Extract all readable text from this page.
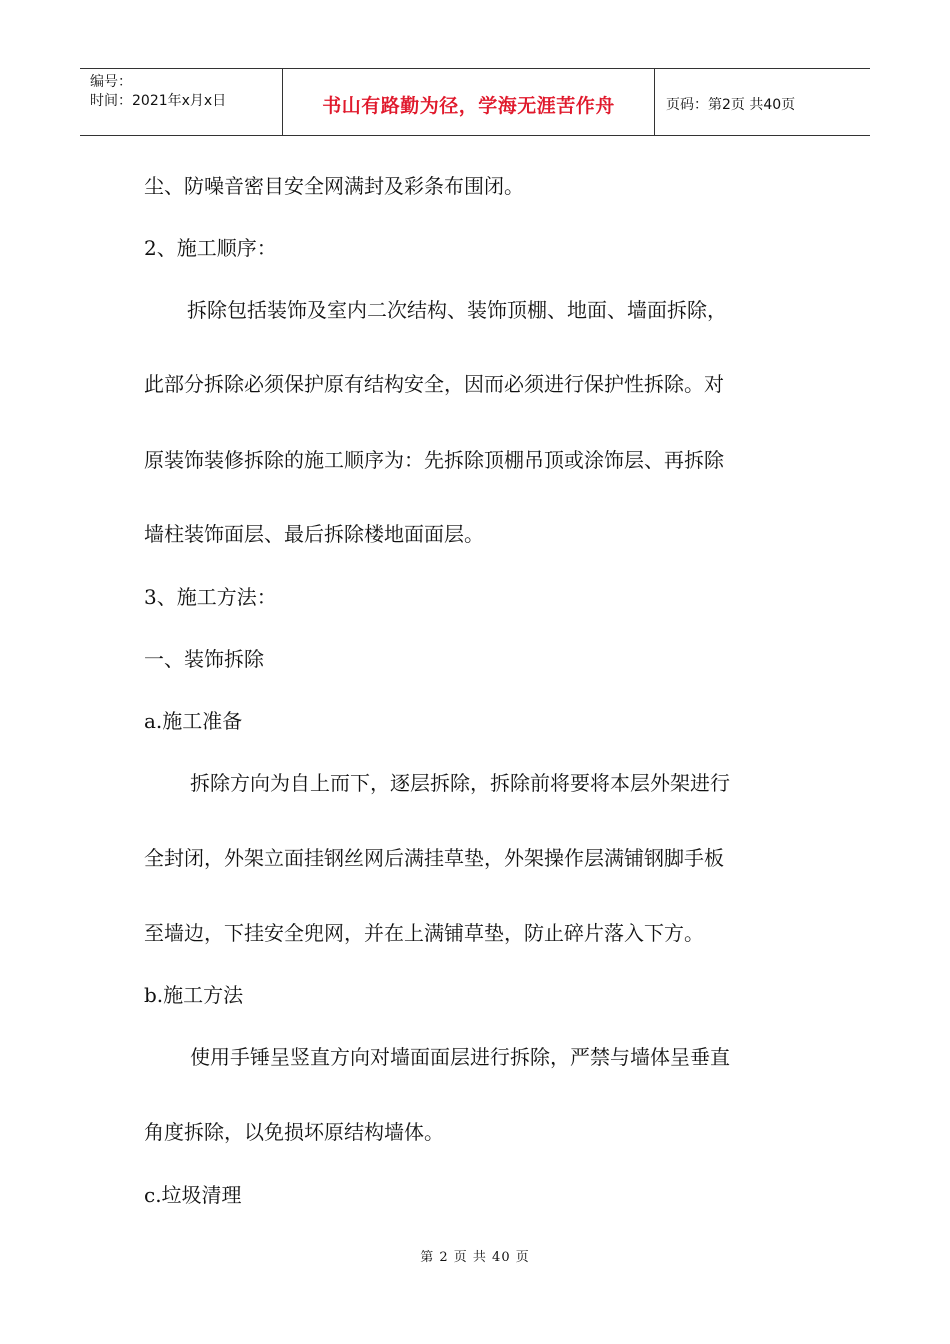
编号：
时间：2021年x月x日	书山有路勤为径，学海无涯苦作舟	页码：第2页 共40页

尘、防噪音密目安全网满封及彩条布围闭。

2、施工顺序：

拆除包括装饰及室内二次结构、装饰顶棚、地面、墙面拆除，

此部分拆除必须保护原有结构安全，因而必须进行保护性拆除。对

原装饰装修拆除的施工顺序为：先拆除顶棚吊顶或涂饰层、再拆除

墙柱装饰面层、最后拆除楼地面面层。

3、施工方法：

一、装饰拆除

a.施工准备

拆除方向为自上而下，逐层拆除，拆除前将要将本层外架进行

全封闭，外架立面挂钢丝网后满挂草垫，外架操作层满铺钢脚手板

至墙边，下挂安全兜网，并在上满铺草垫，防止碎片落入下方。

b.施工方法

使用手锤呈竖直方向对墙面面层进行拆除，严禁与墙体呈垂直

角度拆除，以免损坏原结构墙体。

c.垃圾清理

第 2 页 共 40 页
